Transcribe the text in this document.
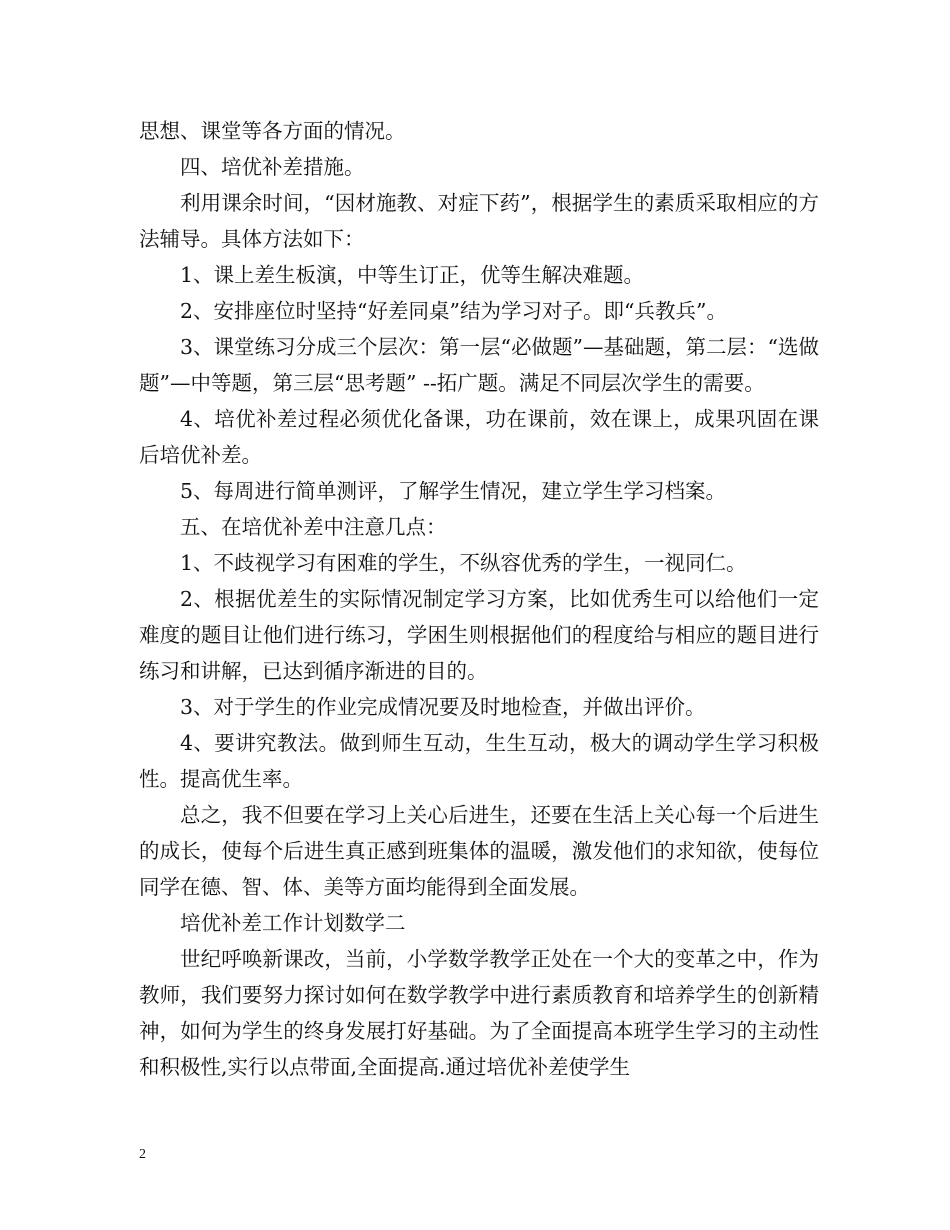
思想、课堂等各方面的情况。

四、培优补差措施。

利用课余时间，“因材施教、对症下药”，根据学生的素质采取相应的方法辅导。具体方法如下：

1、课上差生板演，中等生订正，优等生解决难题。

2、安排座位时坚持“好差同桌”结为学习对子。即“兵教兵”。

3、课堂练习分成三个层次：第一层“必做题”—基础题，第二层：“选做题”—中等题，第三层“思考题” --拓广题。满足不同层次学生的需要。

4、培优补差过程必须优化备课，功在课前，效在课上，成果巩固在课后培优补差。

5、每周进行简单测评，了解学生情况，建立学生学习档案。

五、在培优补差中注意几点：

1、不歧视学习有困难的学生，不纵容优秀的学生，一视同仁。

2、根据优差生的实际情况制定学习方案，比如优秀生可以给他们一定难度的题目让他们进行练习，学困生则根据他们的程度给与相应的题目进行练习和讲解，已达到循序渐进的目的。

3、对于学生的作业完成情况要及时地检查，并做出评价。

4、要讲究教法。做到师生互动，生生互动，极大的调动学生学习积极性。提高优生率。

总之，我不但要在学习上关心后进生，还要在生活上关心每一个后进生的成长，使每个后进生真正感到班集体的温暖，激发他们的求知欲，使每位同学在德、智、体、美等方面均能得到全面发展。

培优补差工作计划数学二

世纪呼唤新课改，当前，小学数学教学正处在一个大的变革之中，作为教师，我们要努力探讨如何在数学教学中进行素质教育和培养学生的创新精神，如何为学生的终身发展打好基础。为了全面提高本班学生学习的主动性和积极性,实行以点带面,全面提高.通过培优补差使学生

2
